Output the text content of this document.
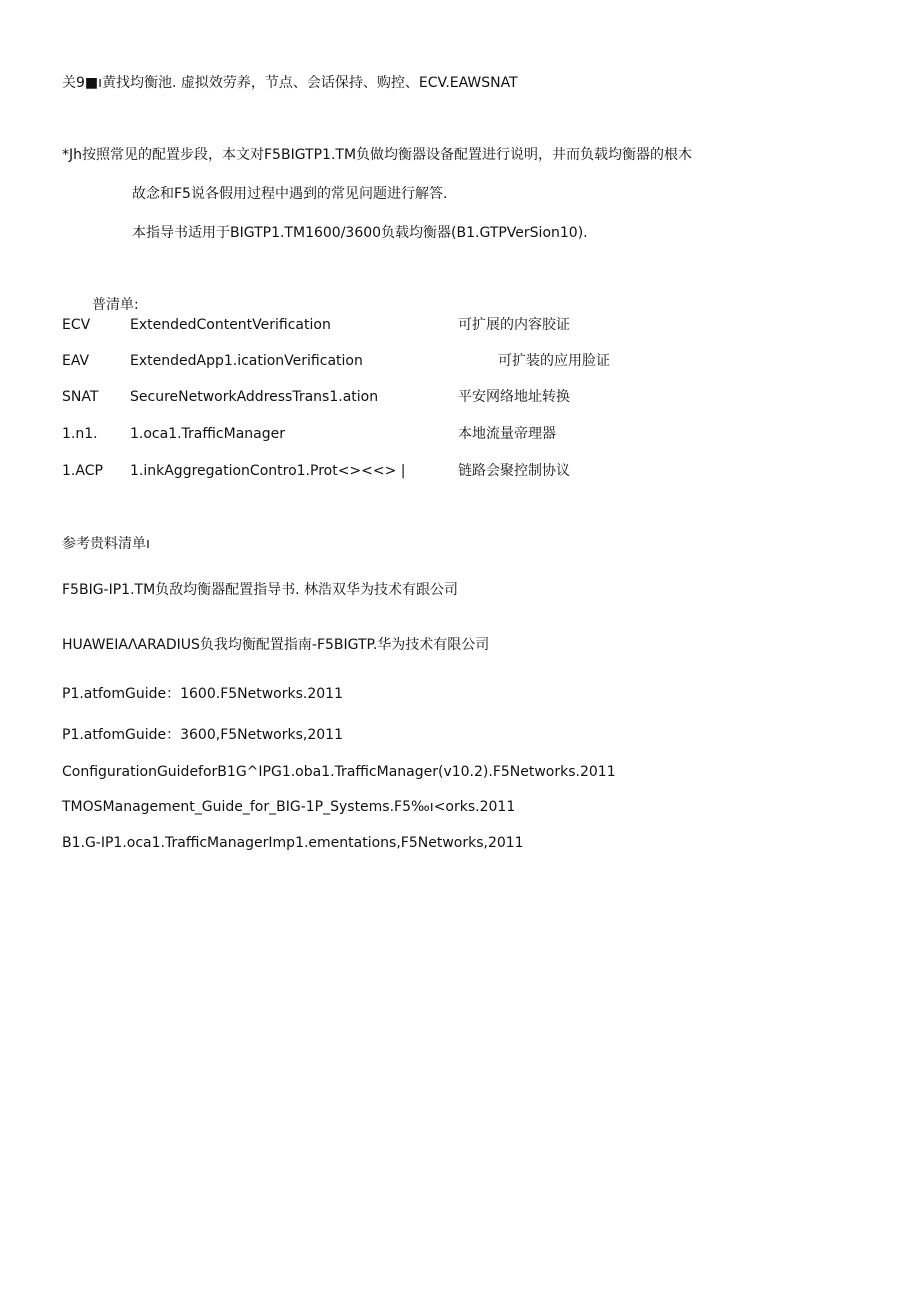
关9■ı黄找均衡池. 虚拟效劳养，节点、会话保持、购控、ECV.EAWSNAT
*Jh按照常见的配置步段，本文对F5BIGTP1.TM负做均衡器设备配置进行说明，井而负载均衡器的根木
故念和F5说各假用过程中遇到的常见问题进行解答.
本指导书适用于BIGTP1.TM1600/3600负载均衡器(B1.GTPVerSion10).
普清单:
ECV	ExtendedContentVerification	可扩展的内容胶证
EAV	ExtendedApp1.icationVerification	可扩装的应用脸证
SNAT SecureNetworkAddressTrans1.ation	平安网络地址转换
1.n1. 1.oca1.TrafficManager	本地流量帝理器
1.ACP 1.inkAggregationContro1.Prot<><<> |	链路会聚控制协议
参考贵料清单ı
F5BIG-IP1.TM负敌均衡器配置指导书. 林浩双华为技术有跟公司
HUAWEIAΛARADIUS负我均衡配置指南-F5BIGTP.华为技术有限公司
P1.atfomGuide：1600.F5Networks.2011
P1.atfomGuide：3600,F5Networks,2011
ConfigurationGuideforB1G^IPG1.oba1.TrafficManager(v10.2).F5Networks.2011
TMOSManagement_Guide_for_BIG-1P_Systems.F5‰ı<orks.2011
B1.G-IP1.oca1.TrafficManagerImp1.ementations,F5Networks,2011
